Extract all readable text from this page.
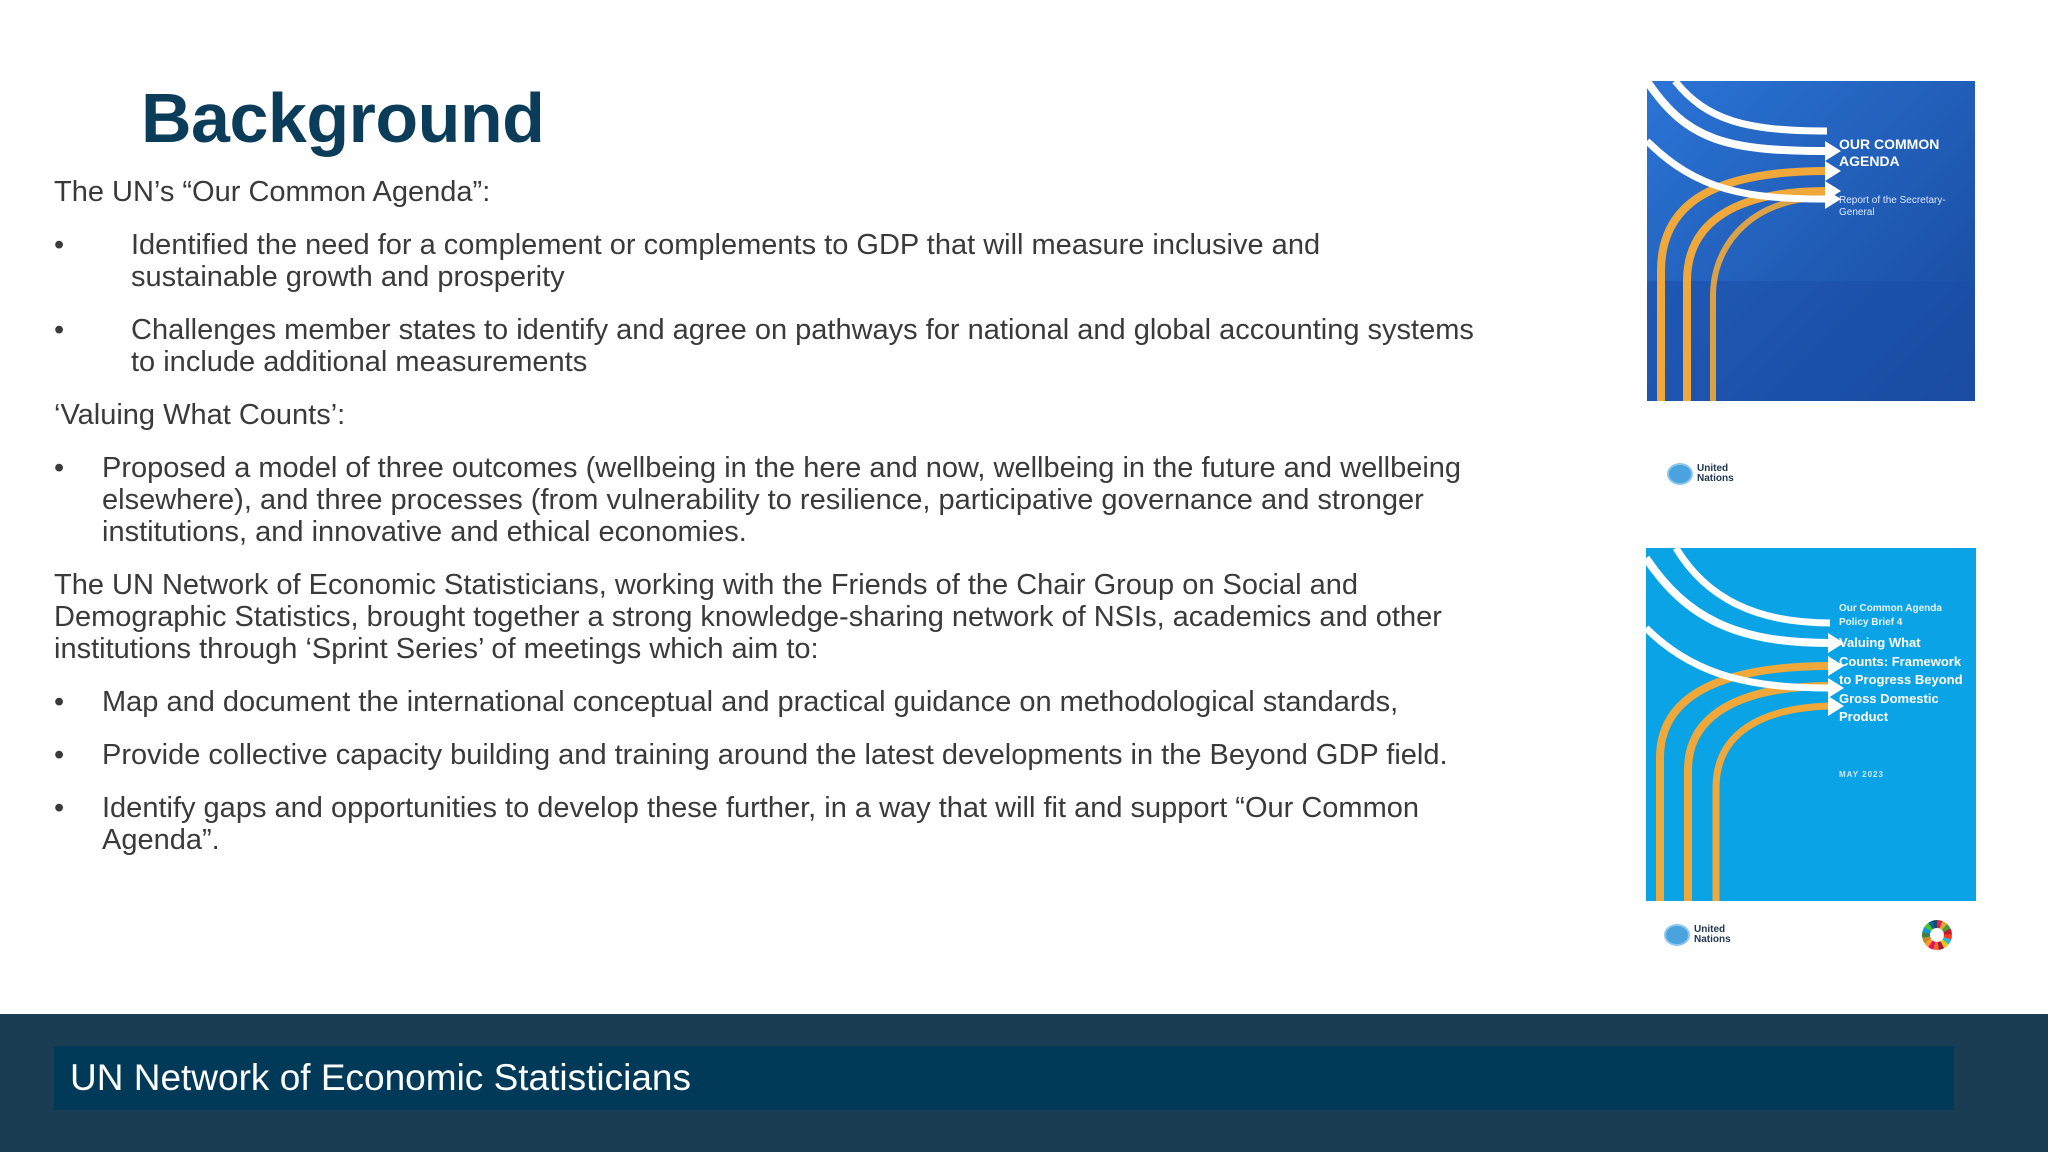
Background

The UN’s “Our Common Agenda”:

• Identified the need for a complement or complements to GDP that will measure inclusive and sustainable growth and prosperity
• Challenges member states to identify and agree on pathways for national and global accounting systems to include additional measurements

‘Valuing What Counts’:

• Proposed a model of three outcomes (wellbeing in the here and now, wellbeing in the future and wellbeing elsewhere), and three processes (from vulnerability to resilience, participative governance and stronger institutions, and innovative and ethical economies.

The UN Network of Economic Statisticians, working with the Friends of the Chair Group on Social and Demographic Statistics, brought together a strong knowledge-sharing network of NSIs, academics and other institutions through ‘Sprint Series’ of meetings which aim to:

• Map and document the international conceptual and practical guidance on methodological standards,
• Provide collective capacity building and training around the latest developments in the Beyond GDP field.
• Identify gaps and opportunities to develop these further, in a way that will fit and support “Our Common Agenda”.
OUR COMMON AGENDA
Report of the Secretary-General
United Nations
Our Common Agenda Policy Brief 4
Valuing What Counts: Framework to Progress Beyond Gross Domestic Product
MAY 2023
United Nations
UN Network of Economic Statisticians
